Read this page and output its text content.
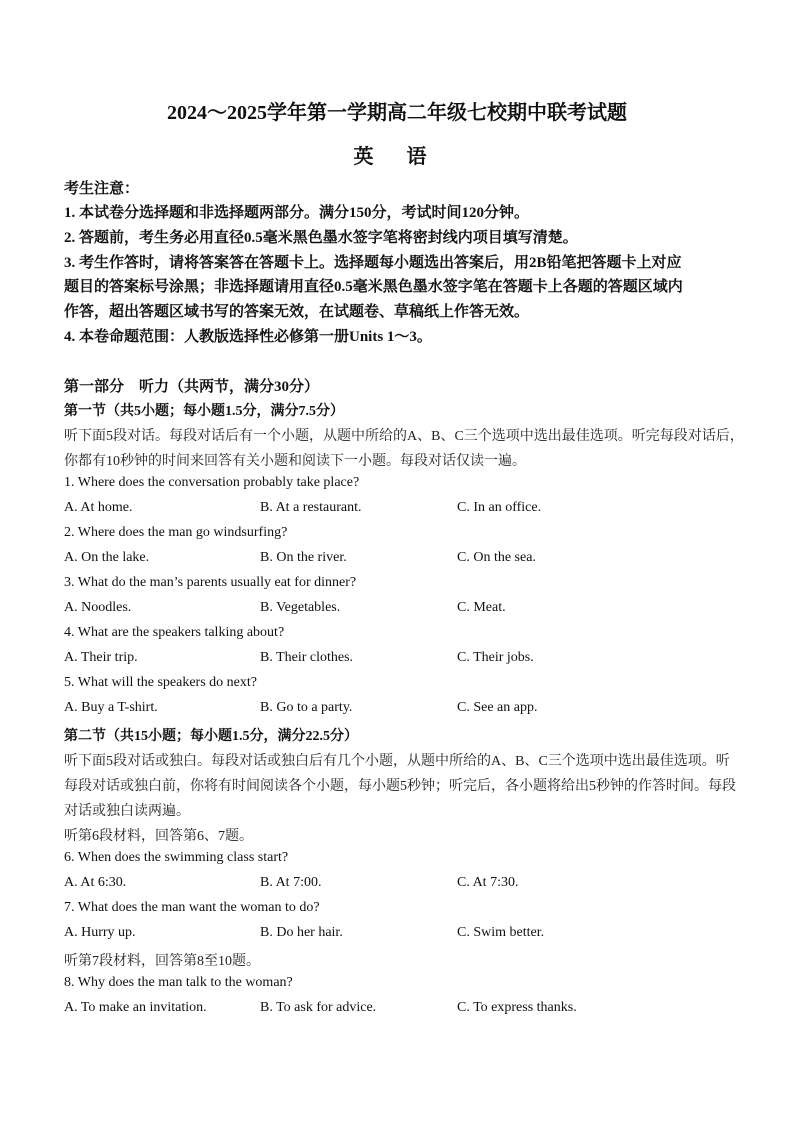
2024～2025学年第一学期高二年级七校期中联考试题
英 语
考生注意：
1. 本试卷分选择题和非选择题两部分。满分150分，考试时间120分钟。
2. 答题前，考生务必用直径0.5毫米黑色墨水签字笔将密封线内项目填写清楚。
3. 考生作答时，请将答案答在答题卡上。选择题每小题选出答案后，用2B铅笔把答题卡上对应
题目的答案标号涂黑；非选择题请用直径0.5毫米黑色墨水签字笔在答题卡上各题的答题区域内
作答，超出答题区域书写的答案无效，在试题卷、草稿纸上作答无效。
4. 本卷命题范围：人教版选择性必修第一册Units 1～3。
第一部分　听力（共两节，满分30分）
第一节（共5小题；每小题1.5分，满分7.5分）
听下面5段对话。每段对话后有一个小题，从题中所给的A、B、C三个选项中选出最佳选项。听完每段对话后，
你都有10秒钟的时间来回答有关小题和阅读下一小题。每段对话仅读一遍。
1. Where does the conversation probably take place?
A. At home.	B. At a restaurant.	C. In an office.
2. Where does the man go windsurfing?
A. On the lake.	B. On the river.	C. On the sea.
3. What do the man’s parents usually eat for dinner?
A. Noodles.	B. Vegetables.	C. Meat.
4. What are the speakers talking about?
A. Their trip.	B. Their clothes.	C. Their jobs.
5. What will the speakers do next?
A. Buy a T-shirt.	B. Go to a party.	C. See an app.
第二节（共15小题；每小题1.5分，满分22.5分）
听下面5段对话或独白。每段对话或独白后有几个小题，从题中所给的A、B、C三个选项中选出最佳选项。听
每段对话或独白前，你将有时间阅读各个小题，每小题5秒钟；听完后，各小题将给出5秒钟的作答时间。每段
对话或独白读两遍。
听第6段材料，回答第6、7题。
6. When does the swimming class start?
A. At 6:30.	B. At 7:00.	C. At 7:30.
7. What does the man want the woman to do?
A. Hurry up.	B. Do her hair.	C. Swim better.
听第7段材料，回答第8至10题。
8. Why does the man talk to the woman?
A. To make an invitation.	B. To ask for advice.	C. To express thanks.
